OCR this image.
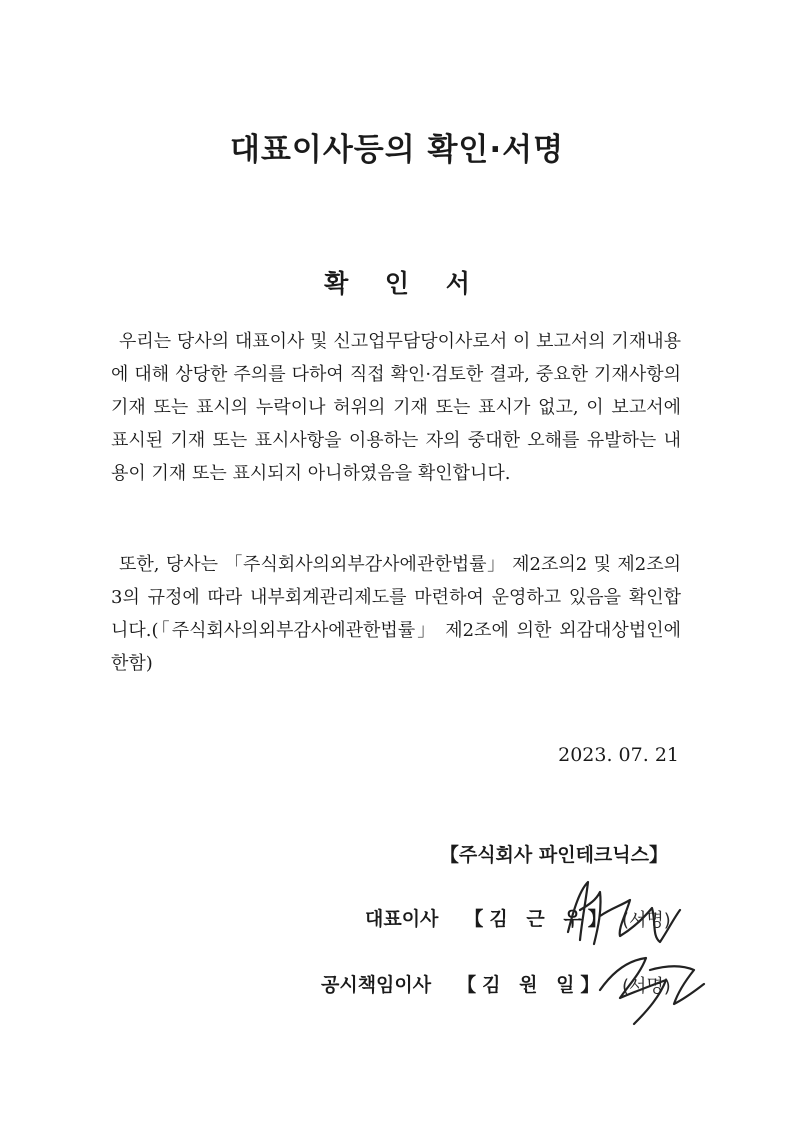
대표이사등의 확인·서명
확 인 서

우리는 당사의 대표이사 및 신고업무담당이사로서 이 보고서의 기재내용에 대해 상당한 주의를 다하여 직접 확인·검토한 결과, 중요한 기재사항의 기재 또는 표시의 누락이나 허위의 기재 또는 표시가 없고, 이 보고서에 표시된 기재 또는 표시사항을 이용하는 자의 중대한 오해를 유발하는 내용이 기재 또는 표시되지 아니하였음을 확인합니다.

또한, 당사는 「주식회사의외부감사에관한법률」 제2조의2 및 제2조의3의 규정에 따라 내부회계관리제도를 마련하여 운영하고 있음을 확인합니다.(「주식회사의외부감사에관한법률」 제2조에 의한 외감대상법인에 한함)

2023. 07. 21
【주식회사 파인테크닉스】
대표이사 【김 근 우】 (서명)
공시책임이사 【김 원 일】 (서명)
